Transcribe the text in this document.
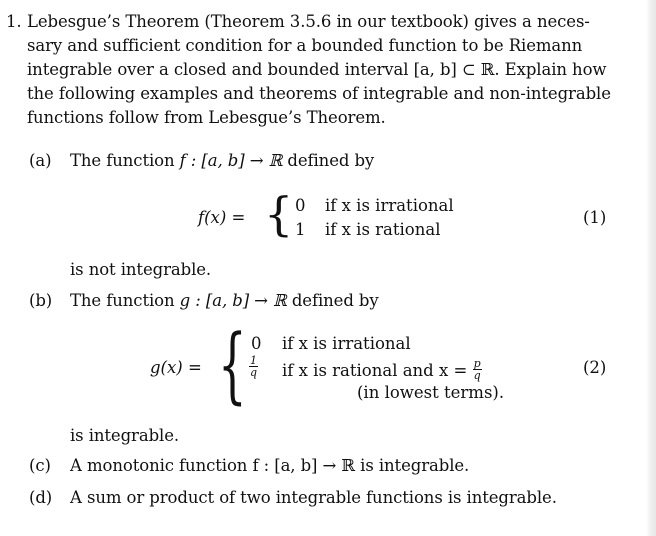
1. Lebesgue’s Theorem (Theorem 3.5.6 in our textbook) gives a neces-
sary and sufficient condition for a bounded function to be Riemann
integrable over a closed and bounded interval [a, b] ⊂ ℝ. Explain how
the following examples and theorems of integrable and non-integrable
functions follow from Lebesgue’s Theorem.
(a) The function f : [a, b] → ℝ defined by
f(x) = { 0 if x is irrational
1 if x is rational
(1)
is not integrable.
(b) The function g : [a, b] → ℝ defined by
g(x) = { 0 if x is irrational
$\frac{1}{q}$ if x is rational and $x = \frac{p}{q}$
(in lowest terms).
(2)
is integrable.
(c) A monotonic function f : [a, b] → ℝ is integrable.
(d) A sum or product of two integrable functions is integrable.
